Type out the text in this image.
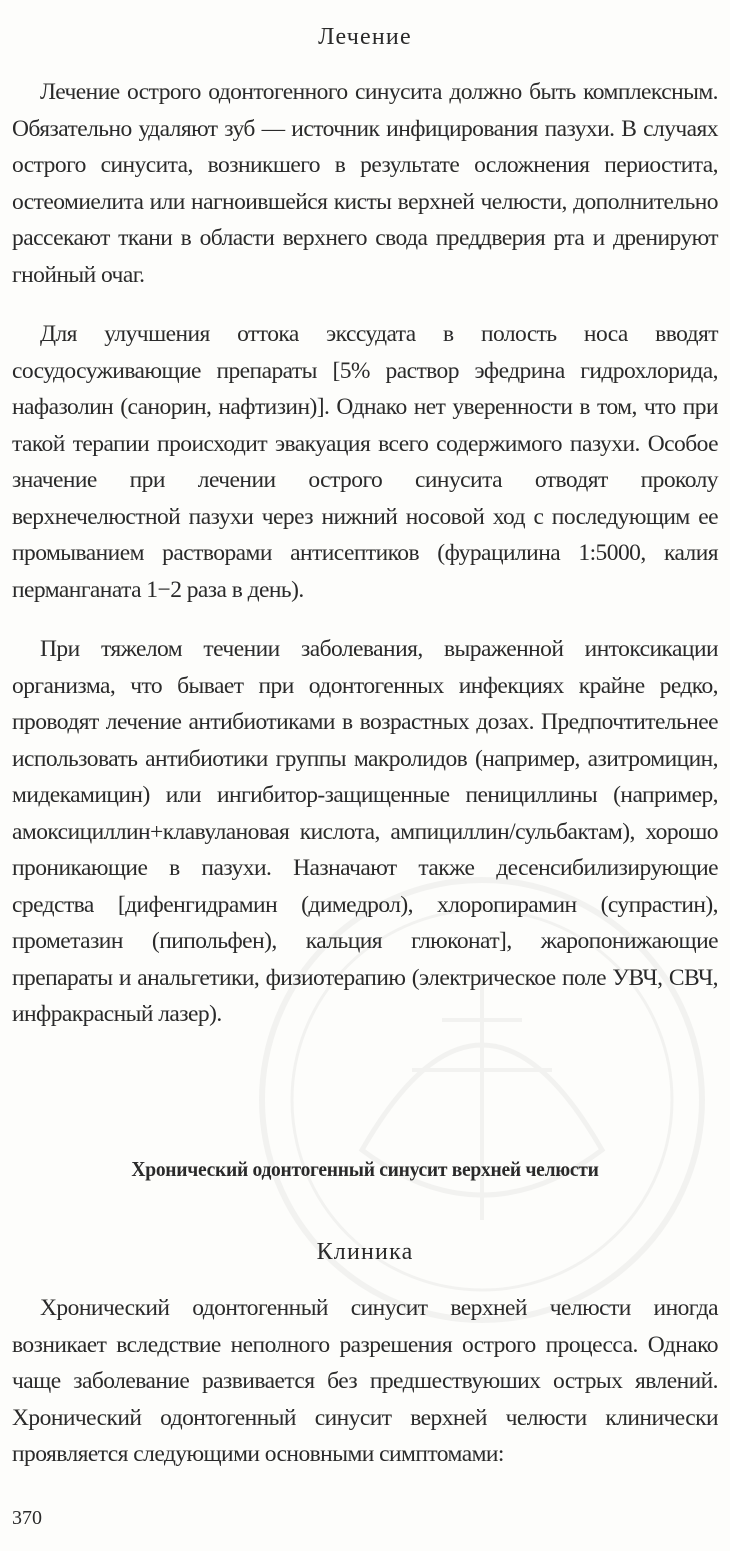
Лечение

Лечение острого одонтогенного синусита должно быть комплексным. Обязательно удаляют зуб — источник инфицирования пазухи. В случаях острого синусита, возникшего в результате осложнения периостита, остеомиелита или нагноившейся кисты верхней челюсти, дополнительно рассекают ткани в области верхнего свода преддверия рта и дренируют гнойный очаг.

Для улучшения оттока экссудата в полость носа вводят сосудосуживающие препараты [5% раствор эфедрина гидрохлорида, нафазолин (санорин, нафтизин)]. Однако нет уверенности в том, что при такой терапии происходит эвакуация всего содержимого пазухи. Особое значение при лечении острого синусита отводят проколу верхнечелюстной пазухи через нижний носовой ход с последующим ее промыванием растворами антисептиков (фурацилина 1:5000, калия перманганата 1−2 раза в день).

При тяжелом течении заболевания, выраженной интоксикации организма, что бывает при одонтогенных инфекциях крайне редко, проводят лечение антибиотиками в возрастных дозах. Предпочтительнее использовать антибиотики группы макролидов (например, азитромицин, мидекамицин) или ингибитор-защищенные пенициллины (например, амоксициллин+клавулановая кислота, ампициллин/сульбактам), хорошо проникающие в пазухи. Назначают также десенсибилизирующие средства [дифенгидрамин (димедрол), хлоропирамин (супрастин), прометазин (пипольфен), кальция глюконат], жаропонижающие препараты и анальгетики, физиотерапию (электрическое поле УВЧ, СВЧ, инфракрасный лазер).

Хронический одонтогенный синусит верхней челюсти
Клиника

Хронический одонтогенный синусит верхней челюсти иногда возникает вследствие неполного разрешения острого процесса. Однако чаще заболевание развивается без предшествуюших острых явлений. Хронический одонтогенный синусит верхней челюсти клинически проявляется следующими основными симптомами:

370
